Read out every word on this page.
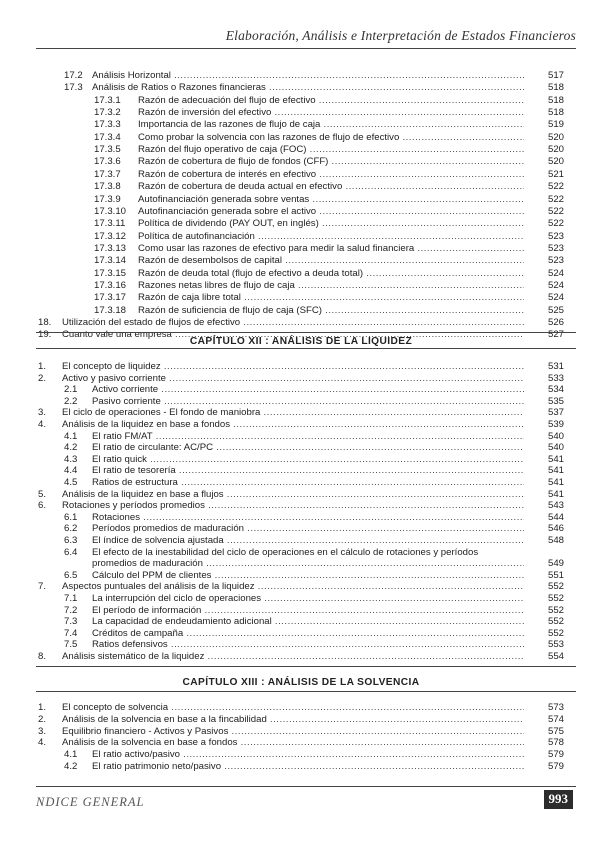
Elaboración, Análisis e Interpretación de Estados Financieros
17.2 Análisis Horizontal .....	517
17.3 Análisis de Ratios o Razones financieras .....	518
17.3.1 Razón de adecuación del flujo de efectivo .....	518
17.3.2 Razón de inversión del efectivo .....	518
17.3.3 Importancia de las razones de flujo de caja .....	519
17.3.4 Como probar la solvencia con las razones de flujo de efectivo .....	520
17.3.5 Razón del flujo operativo de caja (FOC) .....	520
17.3.6 Razón de cobertura de flujo de fondos (CFF) .....	520
17.3.7 Razón de cobertura de interés en efectivo .....	521
17.3.8 Razón de cobertura de deuda actual en efectivo .....	522
17.3.9 Autofinanciación generada sobre ventas .....	522
17.3.10 Autofinanciación generada sobre el activo .....	522
17.3.11 Política de dividendo (PAY OUT, en inglés) .....	522
17.3.12 Política de autofinanciación .....	523
17.3.13 Como usar las razones de efectivo para medir la salud financiera .....	523
17.3.14 Razón de desembolsos de capital .....	523
17.3.15 Razón de deuda total (flujo de efectivo a deuda total) .....	524
17.3.16 Razones netas libres de flujo de caja .....	524
17.3.17 Razón de caja libre total .....	524
17.3.18 Razón de suficiencia de flujo de caja (SFC) .....	525
18. Utilización del estado de flujos de efectivo .....	526
19. Cuanto vale una empresa .....	527
CAPÍTULO XII : ANÁLISIS DE LA LIQUIDEZ
1. El concepto de liquidez .....	531
2. Activo y pasivo corriente .....	533
2.1 Activo corriente .....	534
2.2 Pasivo corriente .....	535
3. El ciclo de operaciones - El fondo de maniobra .....	537
4. Análisis de la liquidez en base a fondos .....	539
4.1 El ratio FM/AT .....	540
4.2 El ratio de circulante: AC/PC .....	540
4.3 El ratio quick .....	541
4.4 El ratio de tesorería .....	541
4.5 Ratios de estructura .....	541
5. Análisis de la liquidez en base a flujos .....	541
6. Rotaciones y períodos promedios .....	543
6.1 Rotaciones .....	544
6.2 Períodos promedios de maduración .....	546
6.3 El índice de solvencia ajustada .....	548
6.4 El efecto de la inestabilidad del ciclo de operaciones en el cálculo de rotaciones y períodos
promedios de maduración .....	549
6.5 Cálculo del PPM de clientes .....	551
7. Aspectos puntuales del análisis de la liquidez .....	552
7.1 La interrupción del ciclo de operaciones .....	552
7.2 El período de información .....	552
7.3 La capacidad de endeudamiento adicional .....	552
7.4 Créditos de campaña .....	552
7.5 Ratios defensivos .....	553
8. Análisis sistemático de la liquidez .....	554
CAPÍTULO XIII : ANÁLISIS DE LA SOLVENCIA
1. El concepto de solvencia .....	573
2. Análisis de la solvencia en base a la fincabilidad .....	574
3. Equilibrio financiero - Activos y Pasivos .....	575
4. Análisis de la solvencia en base a fondos .....	578
4.1 El ratio activo/pasivo .....	579
4.2 El ratio patrimonio neto/pasivo .....	579
NDICE GENERAL	993
